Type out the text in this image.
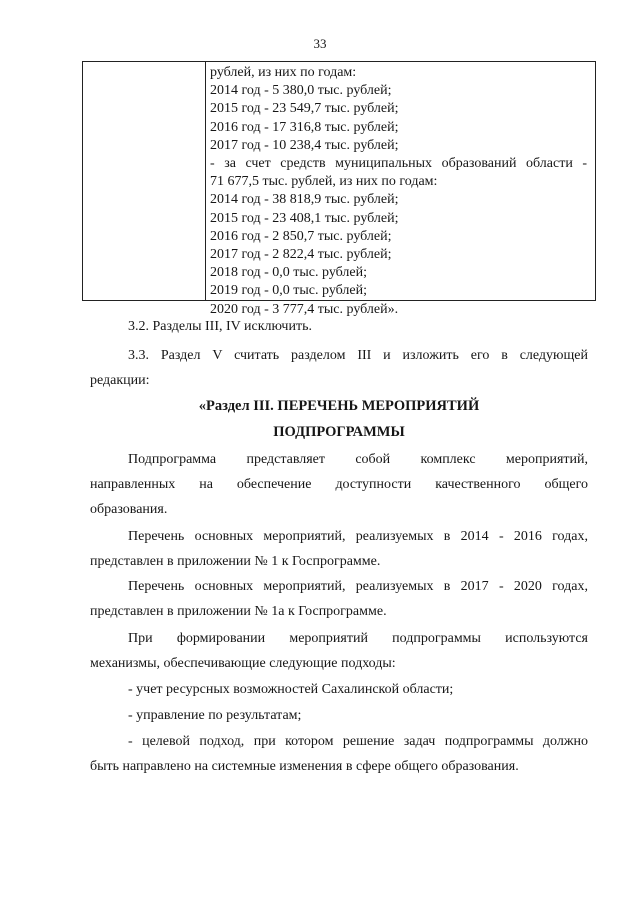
33
рублей, из них по годам:
2014 год - 5 380,0 тыс. рублей;
2015 год - 23 549,7 тыс. рублей;
2016 год - 17 316,8 тыс. рублей;
2017 год - 10 238,4 тыс. рублей;
- за счет средств муниципальных образований области -
71 677,5 тыс. рублей, из них по годам:
2014 год - 38 818,9 тыс. рублей;
2015 год - 23 408,1 тыс. рублей;
2016 год - 2 850,7 тыс. рублей;
2017 год - 2 822,4 тыс. рублей;
2018 год - 0,0 тыс. рублей;
2019 год - 0,0 тыс. рублей;
2020 год - 3 777,4 тыс. рублей».
3.2. Разделы III, IV исключить.
3.3. Раздел V считать разделом III и изложить его в следующей
редакции:
«Раздел III. ПЕРЕЧЕНЬ МЕРОПРИЯТИЙ
ПОДПРОГРАММЫ
Подпрограмма представляет собой комплекс мероприятий,
направленных на обеспечение доступности качественного общего
образования.
Перечень основных мероприятий, реализуемых в 2014 - 2016 годах,
представлен в приложении № 1 к Госпрограмме.
Перечень основных мероприятий, реализуемых в 2017 - 2020 годах,
представлен в приложении № 1а к Госпрограмме.
При формировании мероприятий подпрограммы используются
механизмы, обеспечивающие следующие подходы:
- учет ресурсных возможностей Сахалинской области;
- управление по результатам;
- целевой подход, при котором решение задач подпрограммы должно
быть направлено на системные изменения в сфере общего образования.
